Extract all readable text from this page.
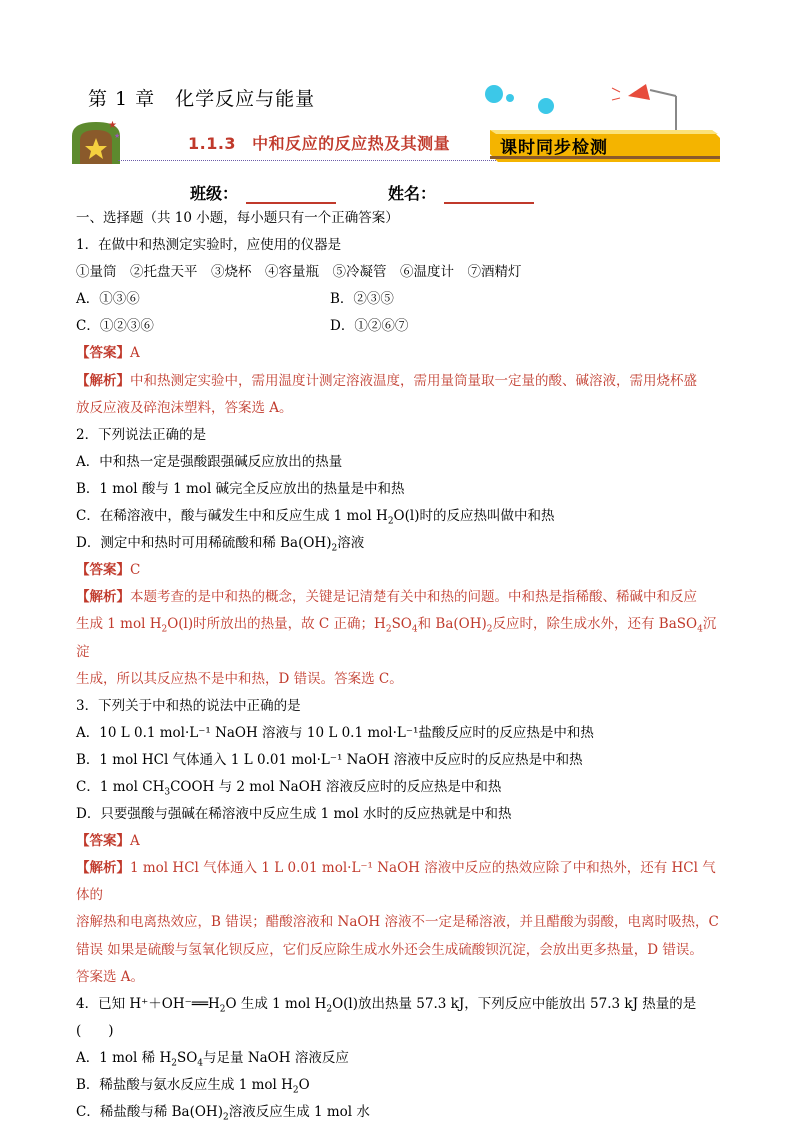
第 1 章 化学反应与能量
★
★	1.1.3 中和反应的反应热及其测量	课时同步检测
班级：	姓名：

一、选择题（共 10 小题，每小题只有一个正确答案）

1．在做中和热测定实验时，应使用的仪器是

①量筒　②托盘天平　③烧杯　④容量瓶　⑤冷凝管　⑥温度计　⑦酒精灯

A．①③⑥	B．②③⑤

C．①②③⑥	D．①②⑥⑦

【答案】A

【解析】中和热测定实验中，需用温度计测定溶液温度，需用量筒量取一定量的酸、碱溶液，需用烧杯盛

放反应液及碎泡沫塑料，答案选 A。

2．下列说法正确的是

A．中和热一定是强酸跟强碱反应放出的热量

B．1 mol 酸与 1 mol 碱完全反应放出的热量是中和热

C．在稀溶液中，酸与碱发生中和反应生成 1 mol $H_2O(l)$时的反应热叫做中和热

D．测定中和热时可用稀硫酸和稀 $Ba(OH)_2$溶液

【答案】C

【解析】本题考查的是中和热的概念，关键是记清楚有关中和热的问题。中和热是指稀酸、稀碱中和反应

生成 1 mol $H_2O(l)$时所放出的热量，故 C 正确；$H_2SO_4$和 $Ba(OH)_2$反应时，除生成水外，还有 BaSO$_4$沉淀

生成，所以其反应热不是中和热，D 错误。答案选 C。

3．下列关于中和热的说法中正确的是

A．10 L 0.1 mol·L⁻¹ NaOH 溶液与 10 L 0.1 mol·L⁻¹盐酸反应时的反应热是中和热

B．1 mol HCl 气体通入 1 L 0.01 mol·L⁻¹ NaOH 溶液中反应时的反应热是中和热

C．1 mol $CH_3COOH$ 与 2 mol NaOH 溶液反应时的反应热是中和热

D．只要强酸与强碱在稀溶液中反应生成 1 mol 水时的反应热就是中和热

【答案】A

【解析】1 mol HCl 气体通入 1 L 0.01 mol·L⁻¹ NaOH 溶液中反应的热效应除了中和热外，还有 HCl 气体的

溶解热和电离热效应，B 错误；醋酸溶液和 NaOH 溶液不一定是稀溶液，并且醋酸为弱酸，电离时吸热，C

错误 如果是硫酸与氢氧化钡反应，它们反应除生成水外还会生成硫酸钡沉淀，会放出更多热量，D 错误。

答案选 A。

4．已知 $H^++OH^-══H_2O$ 生成 1 mol $H_2O(l)$放出热量 57.3 kJ，下列反应中能放出 57.3 kJ 热量的是(　　)

A．1 mol 稀 $H_2SO_4$与足量 NaOH 溶液反应

B．稀盐酸与氨水反应生成 1 mol $H_2O$

C．稀盐酸与稀 $Ba(OH)_2$溶液反应生成 1 mol 水
